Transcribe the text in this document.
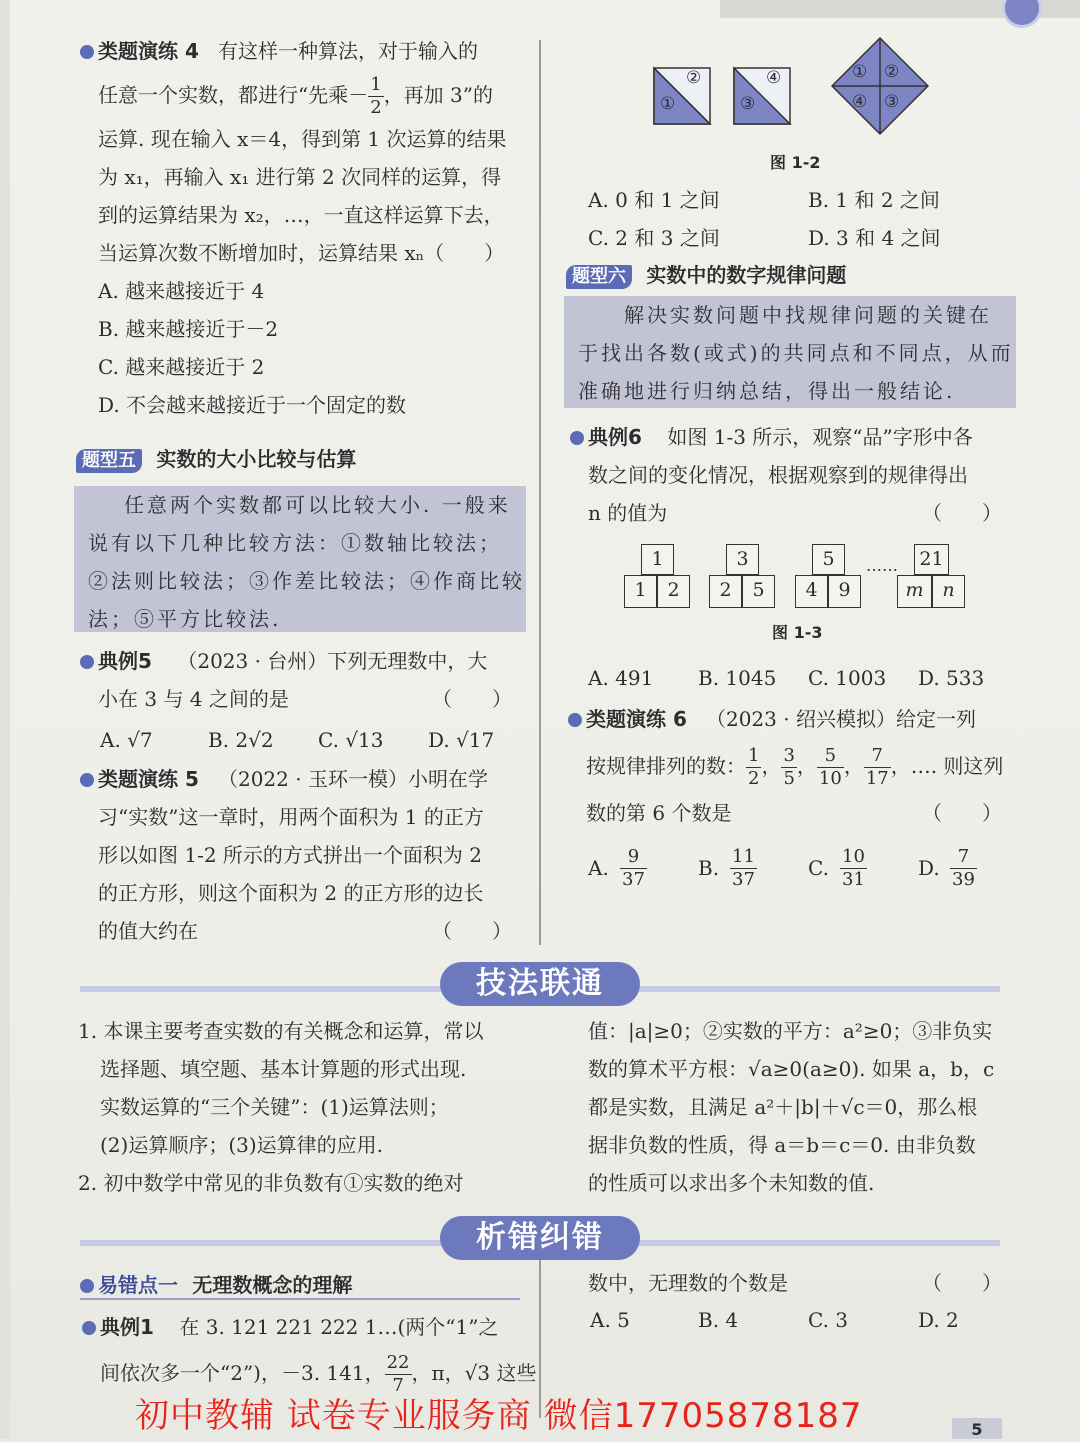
类题演练 4 有这样一种算法，对于输入的
任意一个实数，都进行“先乘－ $\frac{1}{2}$ ，再加 3”的
运算. 现在输入 x＝4，得到第 1 次运算的结果
为 x₁，再输入 x₁ 进行第 2 次同样的运算，得
到的运算结果为 x₂，…，一直这样运算下去，
当运算次数不断增加时，运算结果 xₙ（　　）
A. 越来越接近于 4
B. 越来越接近于－2
C. 越来越接近于 2
D. 不会越来越接近于一个固定的数
题型五 实数的大小比较与估算
任意两个实数都可以比较大小. 一般来
说有以下几种比较方法：①数轴比较法；
②法则比较法；③作差比较法；④作商比较
法；⑤平方比较法.
典例5 （2023 · 台州）下列无理数中，大
小在 3 与 4 之间的是	（　　）
A. √7	B. 2√2 C. √13 D. √17
类题演练 5 （2022 · 玉环一模）小明在学
习“实数”这一章时，用两个面积为 1 的正方
形以如图 1-2 所示的方式拼出一个面积为 2
的正方形，则这个面积为 2 的正方形的边长
的值大约在	（　　）
①
②
③
④	① ②
④ ③
图 1-2
A. 0 和 1 之间	B. 1 和 2 之间
C. 2 和 3 之间	D. 3 和 4 之间
题型六 实数中的数字规律问题
解决实数问题中找规律问题的关键在
于找出各数(或式)的共同点和不同点，从而
准确地进行归纳总结，得出一般结论.
典例6 如图 1-3 所示，观察“品”字形中各
数之间的变化情况，根据观察到的规律得出
n 的值为	（　　）
1
1	2
3
2	5
5
4	9
…… 21
m n
图 1-3
A. 491 B. 1045 C. 1003 D. 533
类题演练 6 （2023 · 绍兴模拟）给定一列
按规律排列的数： $\frac{1}{2}$ ， $\frac{3}{5}$ ， $\frac{5}{10}$ ， $\frac{7}{17}$ ，…. 则这列
数的第 6 个数是	（　　）
A. $\frac{9}{37}$	B. $\frac{11}{37}$	C. $\frac{10}{31}$	D. $\frac{7}{39}$
技法联通
1. 本课主要考查实数的有关概念和运算，常以
选择题、填空题、基本计算题的形式出现.
实数运算的“三个关键”：(1)运算法则；
(2)运算顺序；(3)运算律的应用.
2. 初中数学中常见的非负数有①实数的绝对
值：|a|≥0；②实数的平方：a²≥0；③非负实
数的算术平方根：√a≥0(a≥0). 如果 a，b，c
都是实数，且满足 a²＋|b|＋√c＝0，那么根
据非负数的性质，得 a＝b＝c＝0. 由非负数
的性质可以求出多个未知数的值.
析错纠错
易错点一 无理数概念的理解
典例1 在 3. 121 221 222 1…(两个“1”之
间依次多一个“2”)，－3. 141， $\frac{22}{7}$ ，π，√3 这些
数中，无理数的个数是	（　　）
A. 5	B. 4	C. 3	D. 2
初中教辅 试卷专业服务商 微信17705878187	5
